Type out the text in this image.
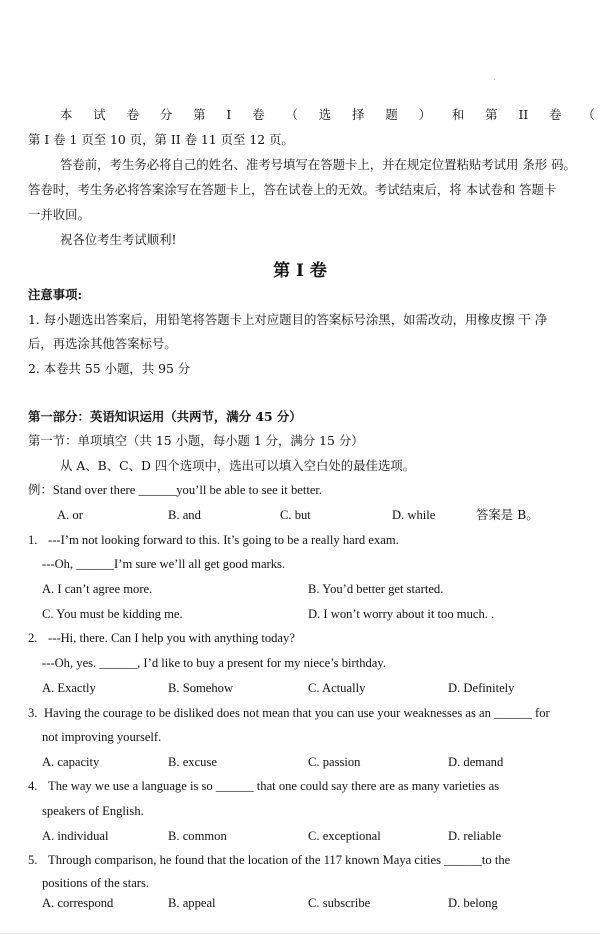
本 试 卷 分 第 I 卷 （ 选 择 题 ） 和 第 II 卷 （
第 I 卷 1 页至 10 页，第 II 卷 11 页至 12 页。
答卷前，考生务必将自己的姓名、准考号填写在答题卡上，并在规定位置粘贴考试用 条形 码。
答卷时，考生务必将答案涂写在答题卡上，答在试卷上的无效。考试结束后，将 本试卷和 答题卡
一并收回。
祝各位考生考试顺利!
第 I 卷
注意事项:
1. 每小题选出答案后，用铅笔将答题卡上对应题目的答案标号涂黑，如需改动，用橡皮擦 干 净
后，再选涂其他答案标号。
2. 本卷共 55 小题，共 95 分
第一部分：英语知识运用（共两节，满分 45 分）
第一节：单项填空（共 15 小题，每小题 1 分，满分 15 分）
从 A、B、C、D 四个选项中，选出可以填入空白处的最佳选项。
例：Stand over there ______you’ll be able to see it better.
A. or	B. and	C. but	D. while	答案是 B。
1. ---I’m not looking forward to this. It’s going to be a really hard exam.
---Oh, ______I’m sure we’ll all get good marks.
A. I can’t agree more.	B. You’d better get started.
C. You must be kidding me.	D. I won’t worry about it too much. .
2. ---Hi, there. Can I help you with anything today?
---Oh, yes. ______, I’d like to buy a present for my niece’s birthday.
A. Exactly	B. Somehow	C. Actually	D. Definitely
3. Having the courage to be disliked does not mean that you can use your weaknesses as an ______ for
not improving yourself.
A. capacity	B. excuse	C. passion	D. demand
4. The way we use a language is so ______ that one could say there are as many varieties as
speakers of English.
A. individual	B. common	C. exceptional	D. reliable
5. Through comparison, he found that the location of the 117 known Maya cities ______to the
positions of the stars.
A. correspond	B. appeal	C. subscribe	D. belong
